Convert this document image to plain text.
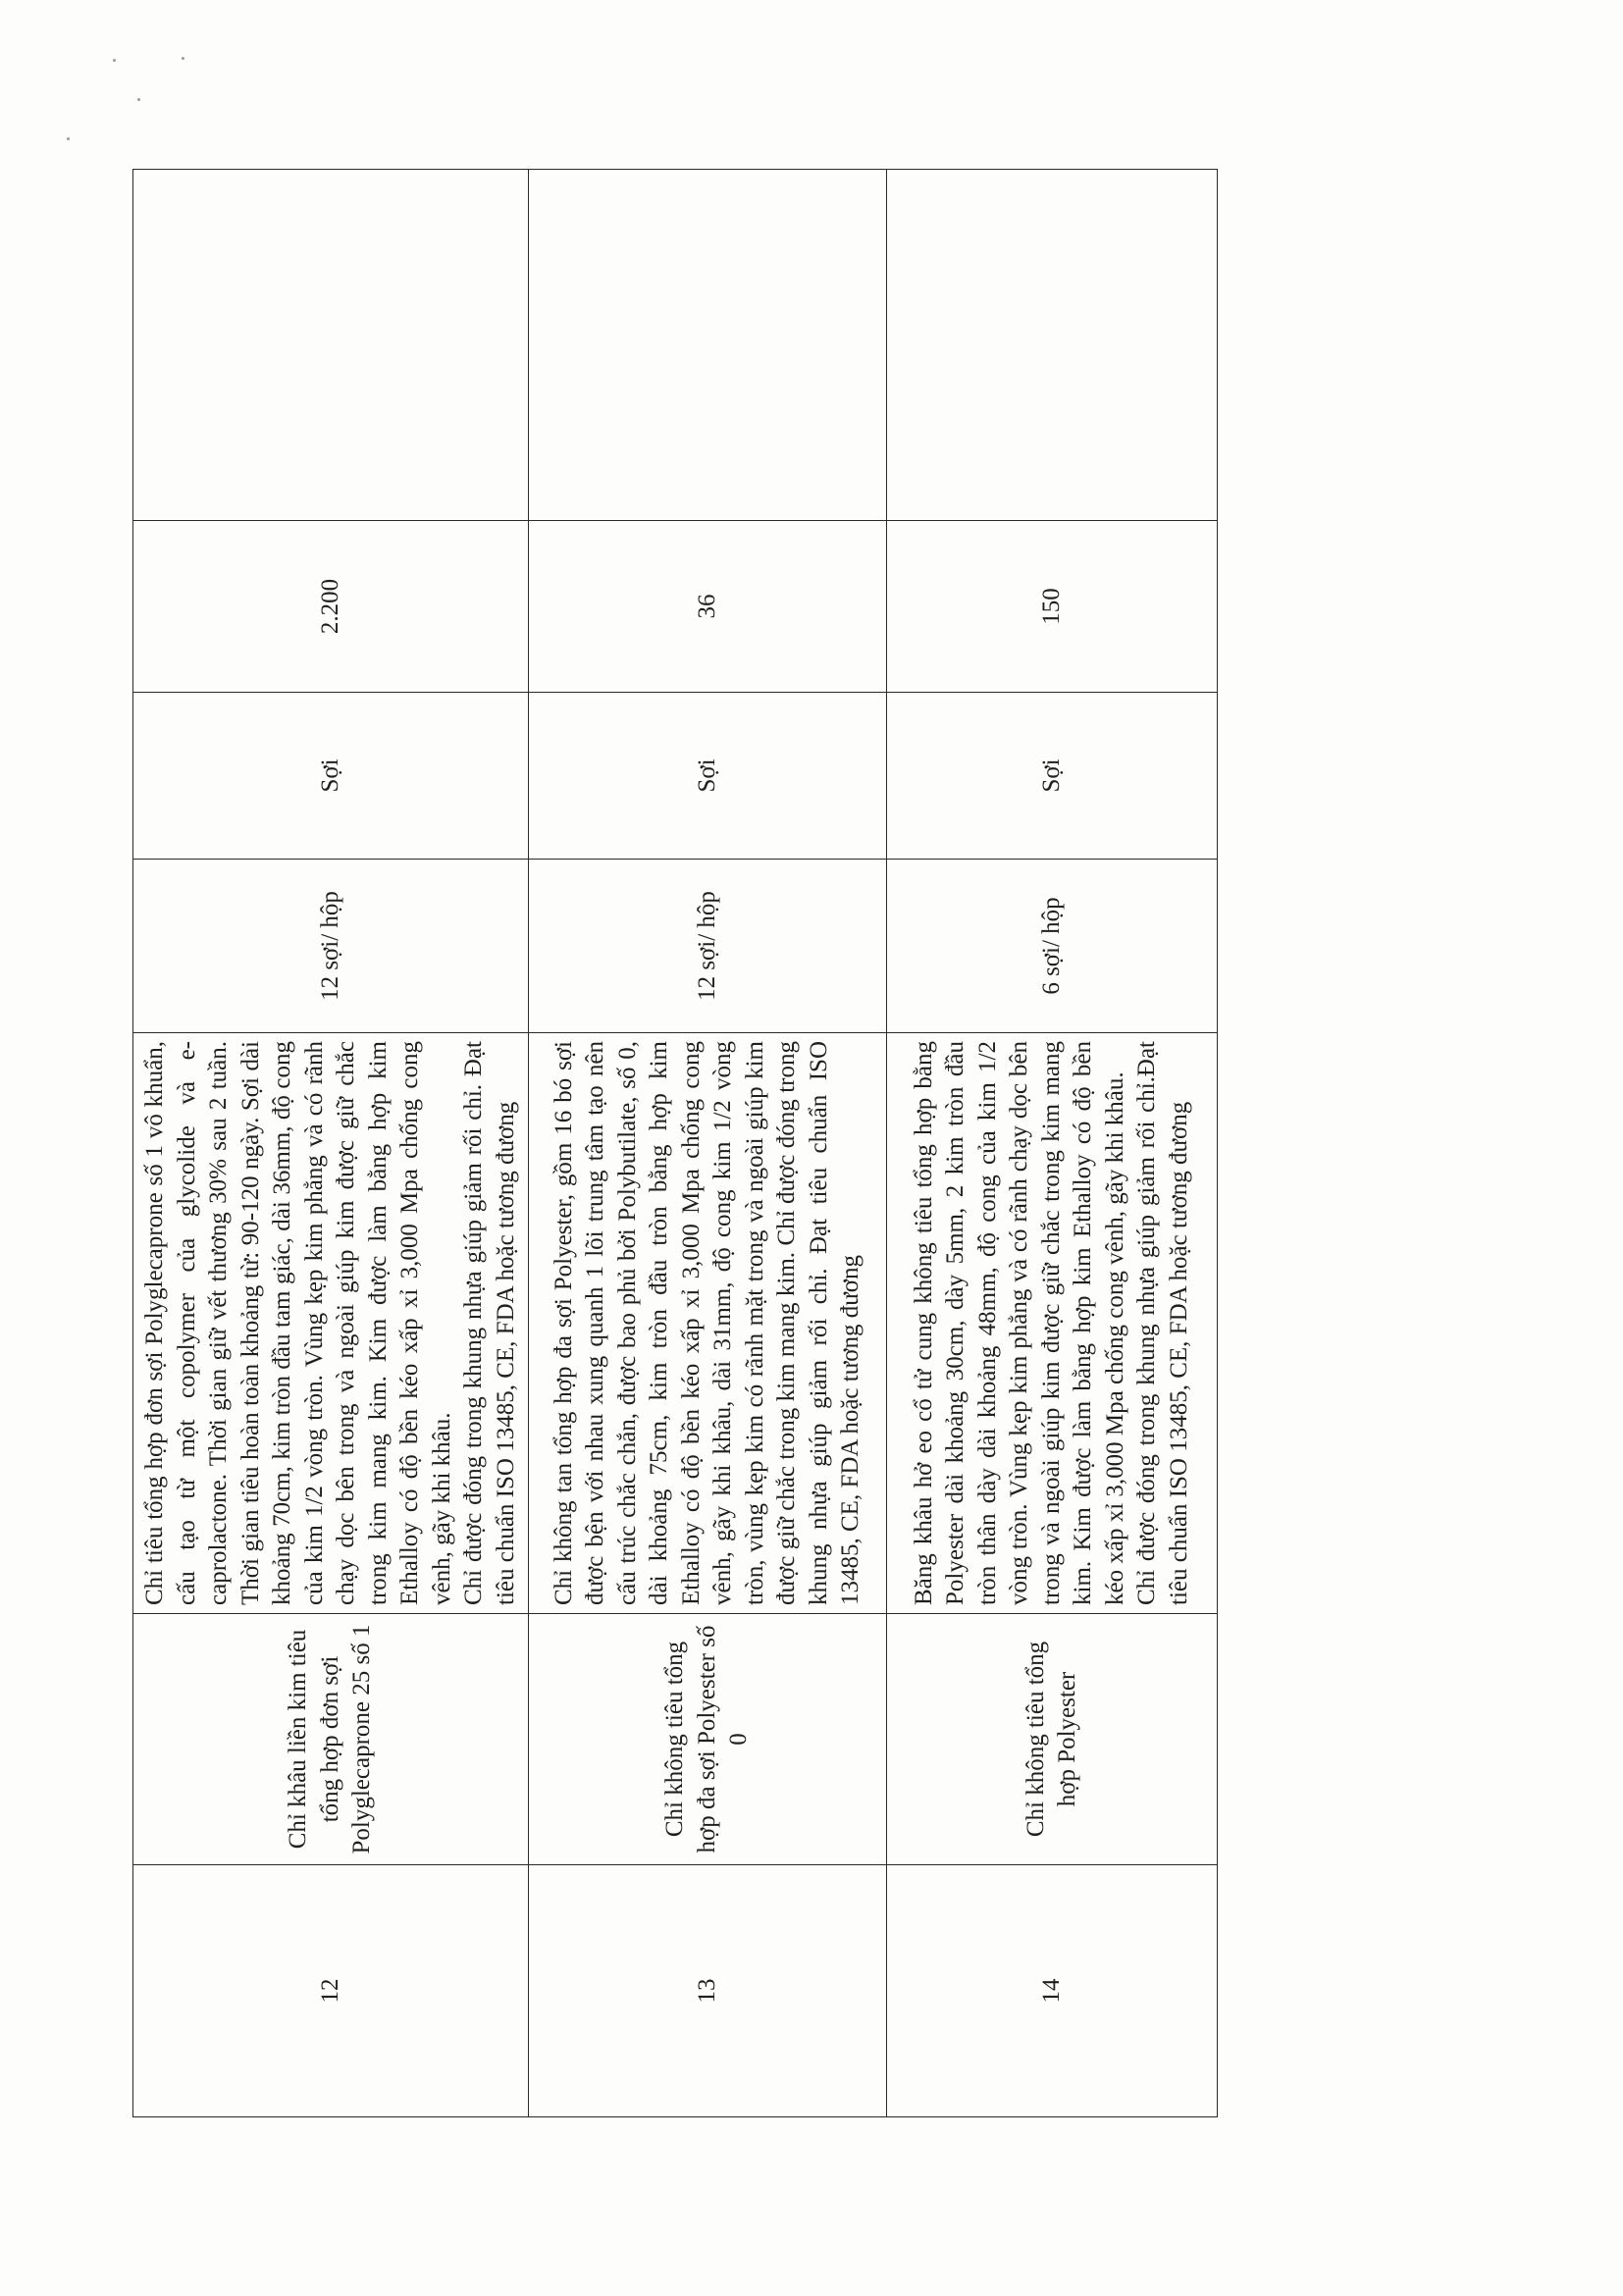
12	Chỉ khâu liền kim tiêu tổng hợp đơn sợi Polyglecaprone 25 số 1	Chỉ tiêu tổng hợp đơn sợi Polyglecaprone số 1 vô khuẩn, cấu tạo từ một copolymer của glycolide và e-caprolactone. Thời gian giữ vết thương 30% sau 2 tuần. Thời gian tiêu hoàn toàn khoảng từ: 90-120 ngày. Sợi dài khoảng 70cm, kim tròn đầu tam giác, dài 36mm, độ cong của kim 1/2 vòng tròn. Vùng kẹp kim phẳng và có rãnh chạy dọc bên trong và ngoài giúp kim được giữ chắc trong kim mang kim. Kim được làm bằng hợp kim Ethalloy có độ bền kéo xấp xỉ 3,000 Mpa chống cong vênh, gãy khi khâu. Chỉ được đóng trong khung nhựa giúp giảm rối chỉ. Đạt tiêu chuẩn ISO 13485, CE, FDA hoặc tương đương	12 sợi/ hộp	Sợi	2.200	
13	Chỉ không tiêu tổng hợp đa sợi Polyester số 0	Chỉ không tan tổng hợp đa sợi Polyester, gồm 16 bó sợi được bện với nhau xung quanh 1 lõi trung tâm tạo nên cấu trúc chắc chắn, được bao phủ bởi Polybutilate, số 0, dài khoảng 75cm, kim tròn đầu tròn bằng hợp kim Ethalloy có độ bền kéo xấp xỉ 3,000 Mpa chống cong vênh, gãy khi khâu, dài 31mm, độ cong kim 1/2 vòng tròn, vùng kẹp kim có rãnh mặt trong và ngoài giúp kim được giữ chắc trong kim mang kim. Chỉ được đóng trong khung nhựa giúp giảm rối chỉ. Đạt tiêu chuẩn ISO 13485, CE, FDA hoặc tương đương	12 sợi/ hộp	Sợi	36	
14	Chỉ không tiêu tổng hợp Polyester	Băng khâu hở eo cổ tử cung không tiêu tổng hợp bằng Polyester dài khoảng 30cm, dày 5mm, 2 kim tròn đầu tròn thân dày dài khoảng 48mm, độ cong của kim 1/2 vòng tròn. Vùng kẹp kim phẳng và có rãnh chạy dọc bên trong và ngoài giúp kim được giữ chắc trong kim mang kim. Kim được làm bằng hợp kim Ethalloy có độ bền kéo xấp xỉ 3,000 Mpa chống cong vênh, gãy khi khâu. Chỉ được đóng trong khung nhựa giúp giảm rối chỉ.Đạt tiêu chuẩn ISO 13485, CE, FDA hoặc tương đương	6 sợi/ hộp	Sợi	150	
